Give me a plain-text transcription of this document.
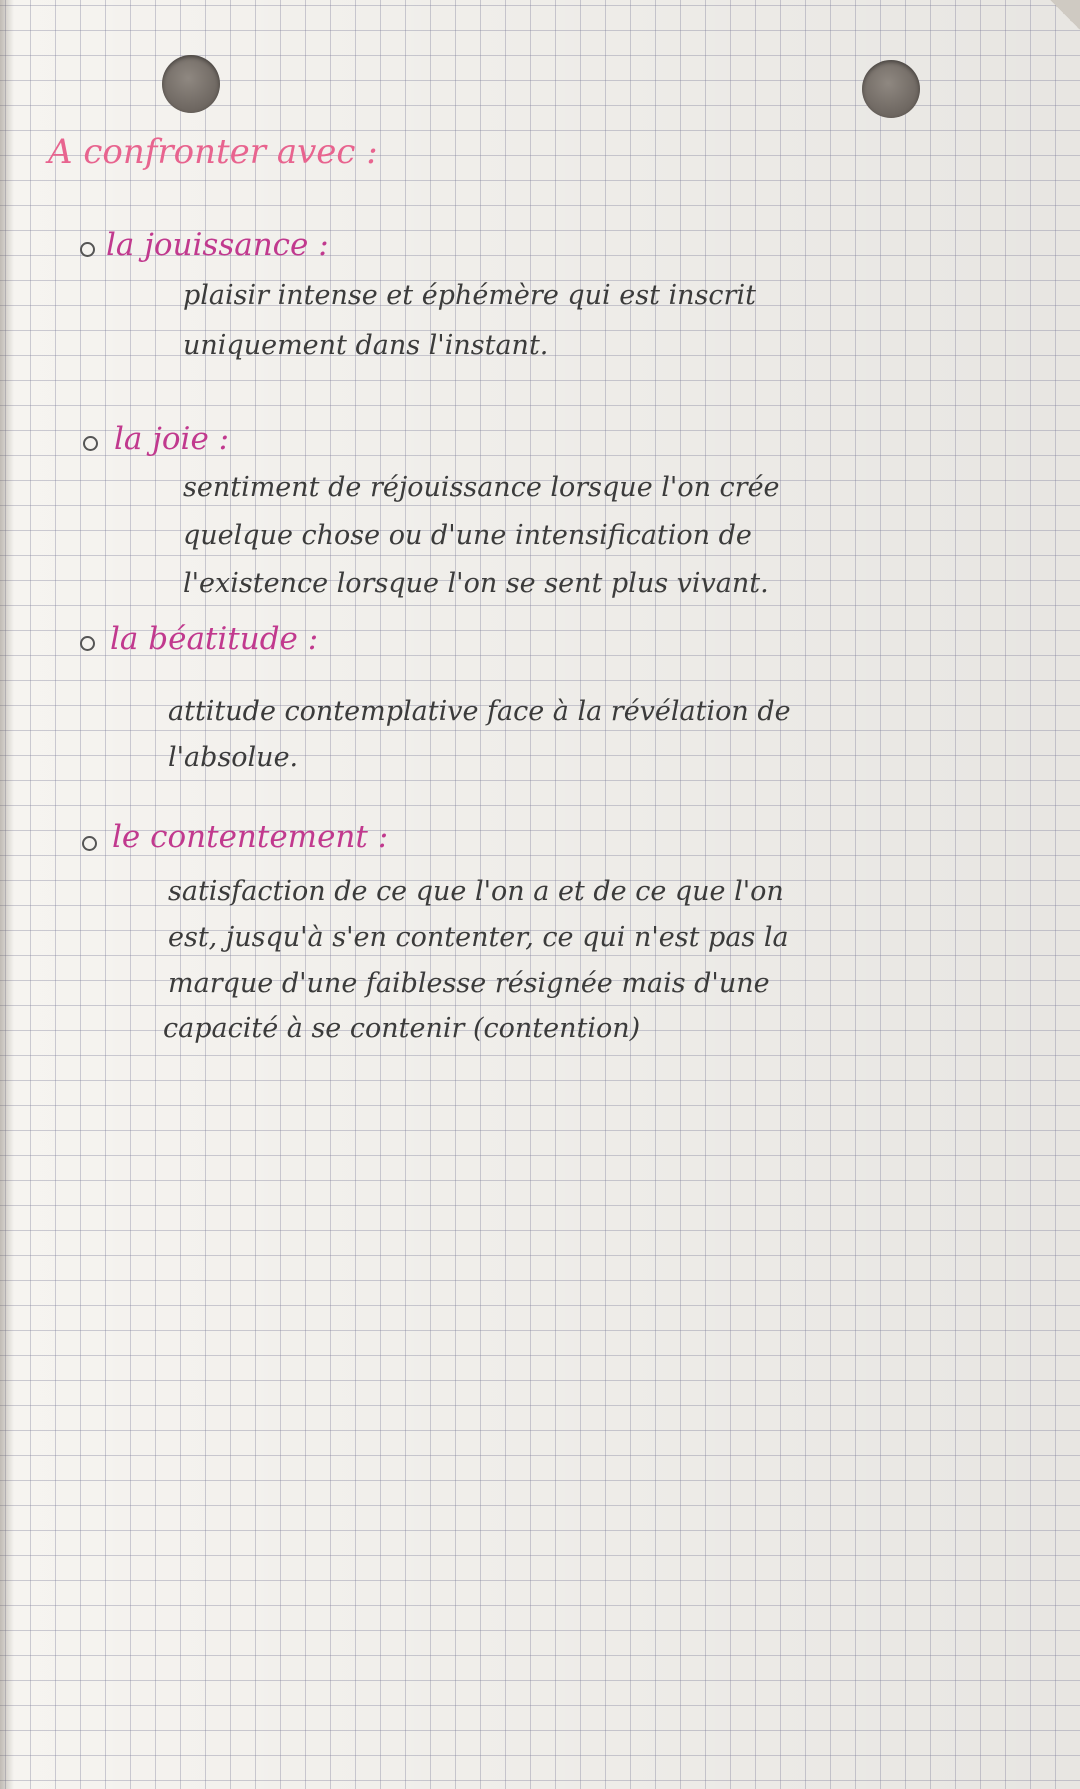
A confronter avec :

la jouissance :

plaisir intense et éphémère qui est inscrit

uniquement dans l'instant.

la joie :

sentiment de réjouissance lorsque l'on crée

quelque chose ou d'une intensification de

l'existence lorsque l'on se sent plus vivant.

la béatitude :

attitude contemplative face à la révélation de

l'absolue.

le contentement :

satisfaction de ce que l'on a et de ce que l'on

est, jusqu'à s'en contenter, ce qui n'est pas la

marque d'une faiblesse résignée mais d'une

capacité à se contenir (contention)
